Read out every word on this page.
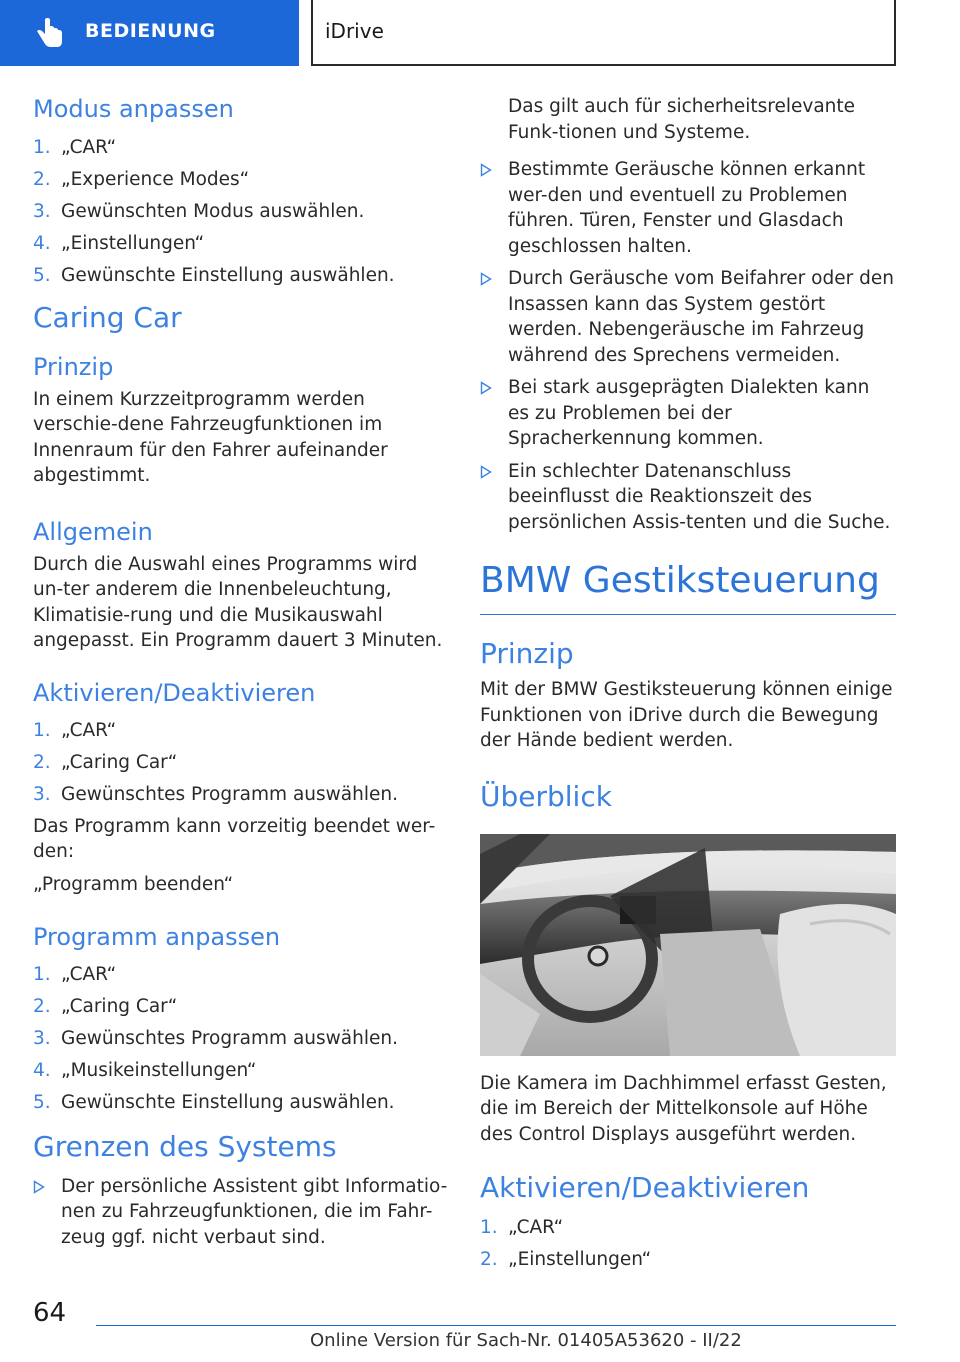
BEDIENUNG	iDrive
Modus anpassen
1. „CAR“
2. „Experience Modes“
3. Gewünschten Modus auswählen.
4. „Einstellungen“
5. Gewünschte Einstellung auswählen.
Caring Car
Prinzip

In einem Kurzzeitprogramm werden verschie-dene Fahrzeugfunktionen im Innenraum für den Fahrer aufeinander abgestimmt.

Allgemein

Durch die Auswahl eines Programms wird un-ter anderem die Innenbeleuchtung, Klimatisie-rung und die Musikauswahl angepasst. Ein Programm dauert 3 Minuten.

Aktivieren/Deaktivieren
1. „CAR“
2. „Caring Car“
3. Gewünschtes Programm auswählen.

Das Programm kann vorzeitig beendet wer-den:

„Programm beenden“

Programm anpassen
1. „CAR“
2. „Caring Car“
3. Gewünschtes Programm auswählen.
4. „Musikeinstellungen“
5. Gewünschte Einstellung auswählen.
Grenzen des Systems
Der persönliche Assistent gibt Informatio-nen zu Fahrzeugfunktionen, die im Fahr-zeug ggf. nicht verbaut sind.

Das gilt auch für sicherheitsrelevante Funk-tionen und Systeme.

Bestimmte Geräusche können erkannt wer-den und eventuell zu Problemen führen. Türen, Fenster und Glasdach geschlossen halten.
Durch Geräusche vom Beifahrer oder den Insassen kann das System gestört werden. Nebengeräusche im Fahrzeug während des Sprechens vermeiden.
Bei stark ausgeprägten Dialekten kann es zu Problemen bei der Spracherkennung kommen.
Ein schlechter Datenanschluss beeinflusst die Reaktionszeit des persönlichen Assis-tenten und die Suche.
BMW Gestiksteuerung
Prinzip

Mit der BMW Gestiksteuerung können einige Funktionen von iDrive durch die Bewegung der Hände bedient werden.

Überblick

Die Kamera im Dachhimmel erfasst Gesten, die im Bereich der Mittelkonsole auf Höhe des Control Displays ausgeführt werden.

Aktivieren/Deaktivieren
1. „CAR“
2. „Einstellungen“
64
Online Version für Sach-Nr. 01405A53620 - II/22
